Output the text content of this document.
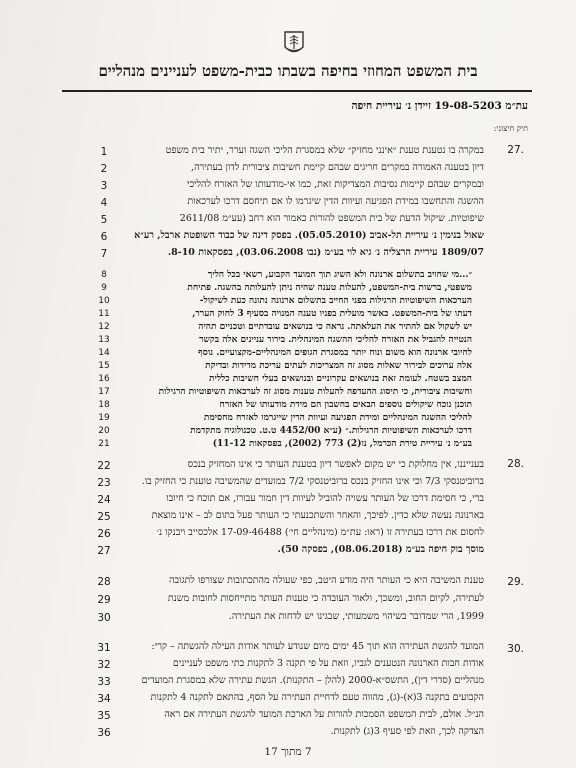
בית המשפט המחוזי בחיפה בשבתו כבית-משפט לעניינים מנהליים
עת״מ 19-08-5203 זיידן נ׳ עיריית חיפה
תיק חיצוני:
27.
1	במקרה בו נטענת טענת ״אינני מחזיק״ שלא במסגרת הליכי השגה וערר, יתיר בית משפט
2	דיון בטענה האמורה במקרים חריגים שבהם קיימת חשיבות ציבורית לדון בעתירה,
3	ובמקרים שבהם קיימות נסיבות המצדיקות זאת, כמו אי-מודעותו של האזרח להליכי
4	ההשגה והתחשבו במידת הפגיעה ועיוות הדין שיגרמו לו אם תיחסם דרכו לערכאות
5	שיפוטיות. שיקול הדעת של בית המשפט להורות כאמור הוא רחב (עע״מ 2611/08
6	שאול בנימין נ׳ עיריית תל-אביב (05.05.2010). בפסק דינה של כבוד השופטת ארבל, רע״א
7	1809/07 עיריית הרצליה נ׳ גיא לוי בע״מ (נבו 03.06.2008), בפסקאות 8-10.
8	״...מי שחויב בתשלום ארנונה ולא השיג תוך המועד הקבוע, רשאי בכל הליך
9	משפטי, ברשות בית-המשפט, להעלות טענה שהיה ניתן להעלותה בהשגה. פתיחת
10	הערכאות השיפוטיות הרגילות בפני החייב בתשלום ארנונה נתונה כעת לשיקול-
11	דעתו של בית-המשפט. כאשר מועלית בפניו טענה המנויה בסעיף 3 לחוק הערר,
12	יש לשקול אם להתיר את העלאתה. נראה כי בנושאים עובדתיים וטכניים תהיה
13	הנטייה להגביל את האזרח להליכי ההשגה המינהלית. בירור עניינים אלה בקשר
14	לחיובי ארנונה הוא משום ונוח יותר במסגרת הגופים המינהליים-מקצועיים. נוסף
15	אלה ערוכים לבירור שאלות מסוג זה המצריכות לעתים עריכת מדידות ובדיקת
16	המצב בשטח. לעומת זאת בנושאים עקרוניים ובנושאים בעלי חשיבות כללית
17	וחשיבות ציבורית, כי תיסוג ההעדפה להעלות טענות מסוג זה לערכאות השיפוטיות הרגילות
18	תוכנן נוכח שיקולים נוספים הבאים בחשבון הם מידת מודעותו של האזרח
19	להליכי ההשגה המינהליים ומידת הפגיעה ועיוות הדין שייגרמו לאזרח מחסימת
20	דרכו לערכאות השיפוטיות הרגילות.״ (ע״א 4452/00 ט.ט. טכנולוגיה מתקדמת
21	בע״מ נ׳ עיריית טירת הכרמל, נו(2) 773 (2002), בפסקאות 11-12)
28.
22	בענייננו, אין מחלוקת כי יש מקום לאפשר דיון בטענת העותר כי אינו המחזיק בנכס
23	ברוביטנסקי 7/3 וכי אינו החזיק בנכס ברוביטנסקי 7/2 במועדים שהמשיבה טוענת כי החזיק בו.
24	ברי, כי חסימת דרכו של העותר עשויה להוביל לעיוות דין חמור עבורו, אם תוכח כי חיובו
25	בארנונה נעשה שלא כדין. לפיכך, והאחר והשתכנעתי כי העותר פעל בתום לב – אינו מוצאת
26	לחסום את דרכו בעתירה זו (ראו: עת״מ (מינהליים חי׳) 17-09-46488 אלכסייב ויבנקו נ׳
27	מוסך בוק חיפה בע״מ (08.06.2018), בפסקה 50).
29.
28	טענת המשיבה היא כי העותר היה מודע היטב, כפי שעולה מהתכתובות שצורפו לתגובה
29	לעתירה, לקיום החוב, ומשכך, ולאור העובדה כי טענות העותר מתייחסות לחובות משנת
30	1999, הרי שמדובר בשיהוי משמעותי, שבגינו יש לדחות את העתירה.
30.
31	המועד להגשת העתירה הוא תוך 45 ימים מיום שנודע לעותר אודות העילה להגשתה – קרי:
32	אודות חבות הארנונה הנטענים לגביו, וזאת על פי תקנה 3 לתקנות בתי משפט לעניינים
33	מנהליים (סדרי דין), התשס״א-2000 (להלן – התקנות). הגשת עתירה שלא במסגרת המועדים
34	הקבועים בתקנה 3(א)-(ג), מהווה טעם לדחיית העתירה על הסף, בהתאם לתקנה 4 לתקנות
35	הנ״ל. אולם, לבית המשפט הסמכות להורות על הארכת המועד להגשת העתירה אם ראה
36	הצדקה לכך, וזאת לפי סעיף 3(ג) לתקנות.
7 מתוך 17
